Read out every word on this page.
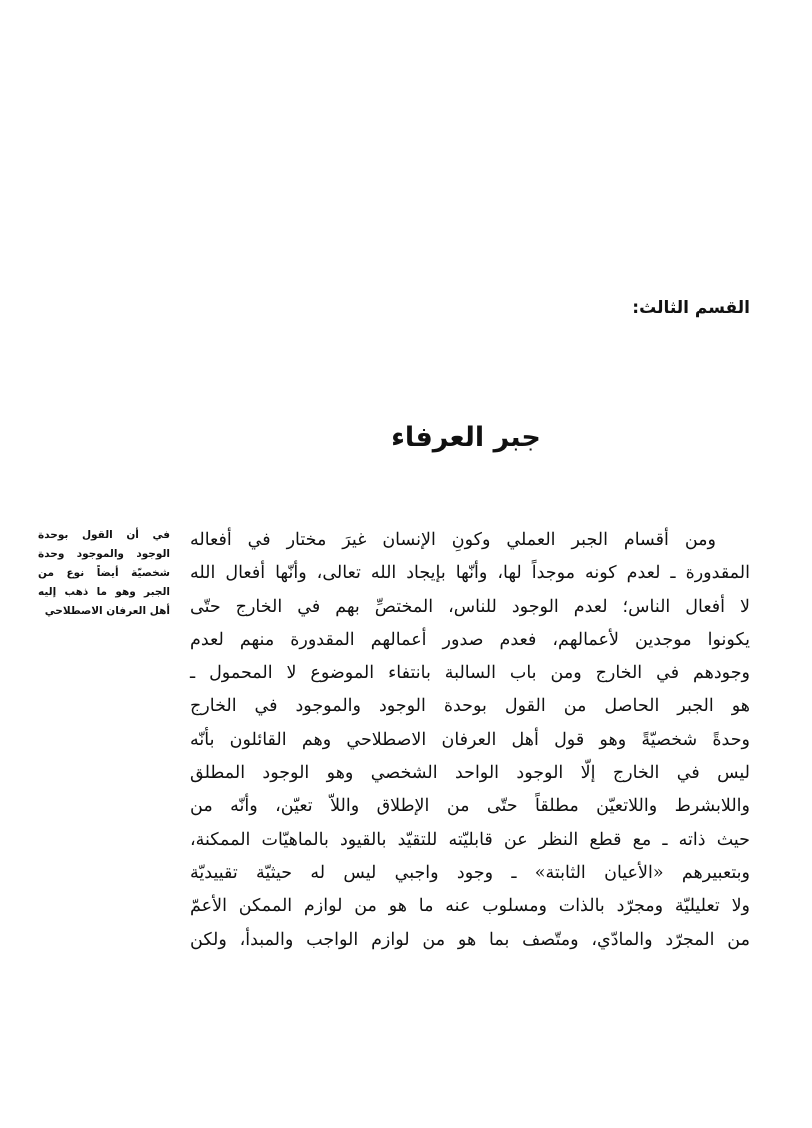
القسم الثالث:
جبر العرفاء

ومن أقسام الجبر العملي وكونِ الإنسان غيرَ مختار في أفعاله
المقدورة ـ لعدم كونه موجداً لها، وأنّها بإيجاد الله تعالى، وأنّها أفعال الله
لا أفعال الناس؛ لعدم الوجود للناس، المختصِّ بهم في الخارج حتّى
يكونوا موجدين لأعمالهم، فعدم صدور أعمالهم المقدورة منهم لعدم
وجودهم في الخارج ومن باب السالبة بانتفاء الموضوع لا المحمول ـ
هو الجبر الحاصل من القول بوحدة الوجود والموجود في الخارج
وحدةً شخصيّةً وهو قول أهل العرفان الاصطلاحي وهم القائلون بأنّه
ليس في الخارج إلّا الوجود الواحد الشخصي وهو الوجود المطلق
واللابشرط واللاتعيّن مطلقاً حتّى من الإطلاق واللاّ تعيّن، وأنّه من
حيث ذاته ـ مع قطع النظر عن قابليّته للتقيّد بالقيود بالماهيّات الممكنة،
وبتعبيرهم «الأعيان الثابتة» ـ وجود واجبي ليس له حيثيّة تقييديّة
ولا تعليليّة ومجرّد بالذات ومسلوب عنه ما هو من لوازم الممكن الأعمّ
من المجرّد والمادّي، ومتّصف بما هو من لوازم الواجب والمبدأ، ولكن

في أن القول بوحدة الوجود والموجود وحدة شخصيّة أيضاً نوع من الجبر وهو ما ذهب إليه أهل العرفان الاصطلاحي
